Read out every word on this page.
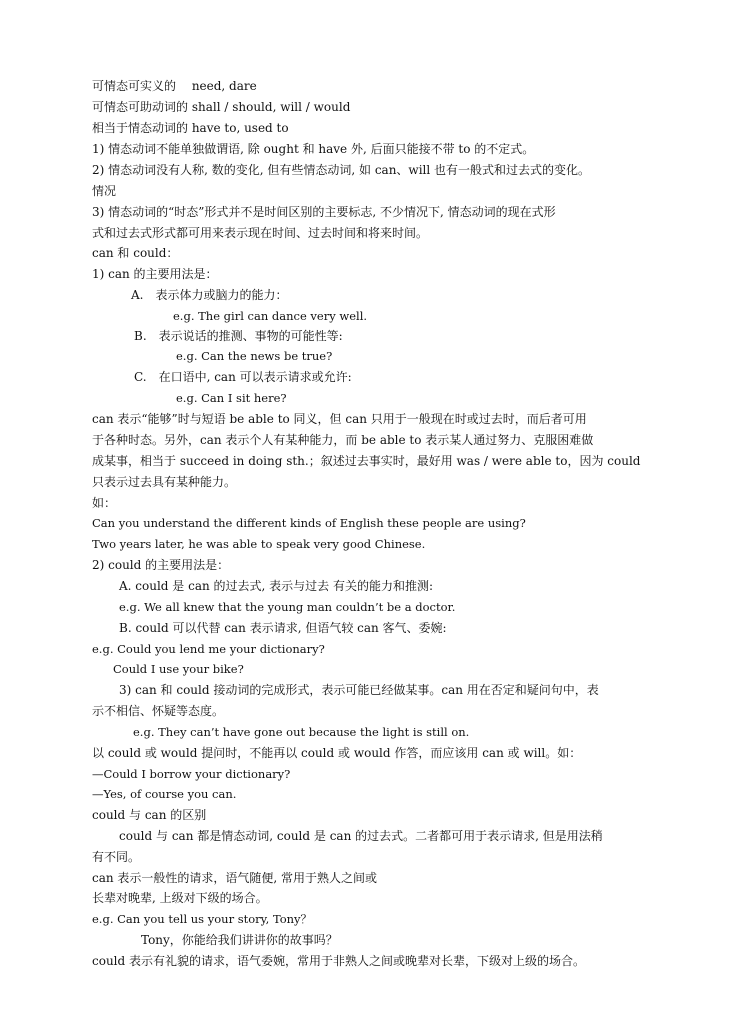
可情态可实义的　 need, dare
可情态可助动词的 shall / should, will / would
相当于情态动词的 have to, used to
1) 情态动词不能单独做谓语, 除 ought 和 have 外, 后面只能接不带 to 的不定式。
2) 情态动词没有人称, 数的变化, 但有些情态动词, 如 can、will 也有一般式和过去式的变化。
情况
3) 情态动词的“时态”形式并不是时间区别的主要标志, 不少情况下, 情态动词的现在式形
式和过去式形式都可用来表示现在时间、过去时间和将来时间。
can 和 could：
1) can 的主要用法是：
A.　表示体力或脑力的能力：
e.g. The girl can dance very well.
B.　表示说话的推测、事物的可能性等:
e.g. Can the news be true?
C.　在口语中, can 可以表示请求或允许:
e.g. Can I sit here?
can 表示“能够”时与短语 be able to 同义，但 can 只用于一般现在时或过去时，而后者可用
于各种时态。另外，can 表示个人有某种能力，而 be able to 表示某人通过努力、克服困难做
成某事，相当于 succeed in doing sth.；叙述过去事实时，最好用 was / were able to，因为 could
只表示过去具有某种能力。
如：
Can you understand the different kinds of English these people are using?
Two years later, he was able to speak very good Chinese.
2) could 的主要用法是：
A. could 是 can 的过去式, 表示与过去 有关的能力和推测:
e.g. We all knew that the young man couldn’t be a doctor.
B. could 可以代替 can 表示请求, 但语气较 can 客气、委婉:
e.g. Could you lend me your dictionary?
Could I use your bike?
3) can 和 could 接动词的完成形式，表示可能已经做某事。can 用在否定和疑问句中，表
示不相信、怀疑等态度。
e.g. They can’t have gone out because the light is still on.
以 could 或 would 提问时，不能再以 could 或 would 作答，而应该用 can 或 will。如：
—Could I borrow your dictionary?
—Yes, of course you can.
could 与 can 的区别
could 与 can 都是情态动词, could 是 can 的过去式。二者都可用于表示请求, 但是用法稍
有不同。
can 表示一般性的请求，语气随便, 常用于熟人之间或
长辈对晚辈, 上级对下级的场合。
e.g. Can you tell us your story, Tony？
Tony，你能给我们讲讲你的故事吗？
could 表示有礼貌的请求，语气委婉，常用于非熟人之间或晚辈对长辈，下级对上级的场合。
